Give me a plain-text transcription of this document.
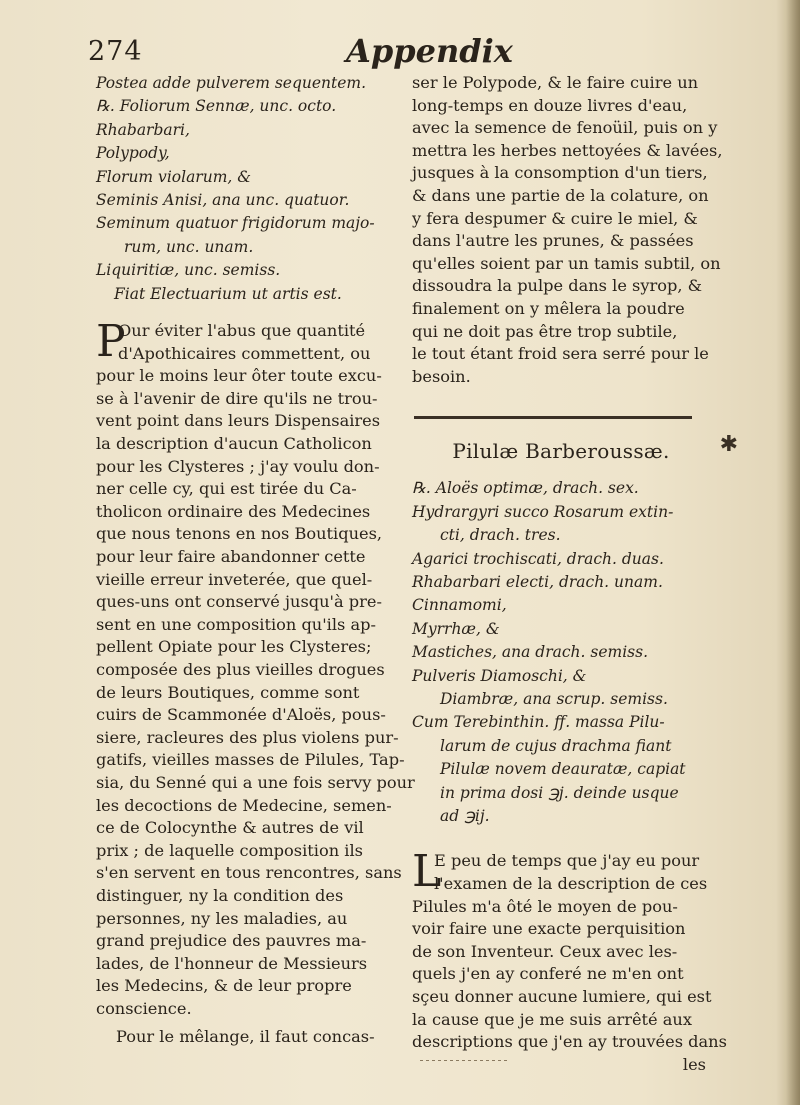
274	Appendix
Postea adde pulverem sequentem.
℞. Foliorum Sennæ, unc. octo.
Rhabarbari,
Polypody,
Florum violarum, &
Seminis Anisi, ana unc. quatuor.
Seminum quatuor frigidorum majo-
rum, unc. unam.
Liquiritiæ, unc. semiss.
Fiat Electuarium ut artis est.
P
Our éviter l'abus que quantité
d'Apothicaires commettent, ou
pour le moins leur ôter toute excu-
se à l'avenir de dire qu'ils ne trou-
vent point dans leurs Dispensaires
la description d'aucun Catholicon
pour les Clysteres ; j'ay voulu don-
ner celle cy, qui est tirée du Ca-
tholicon ordinaire des Medecines
que nous tenons en nos Boutiques,
pour leur faire abandonner cette
vieille erreur inveterée, que quel-
ques-uns ont conservé jusqu'à pre-
sent en une composition qu'ils ap-
pellent Opiate pour les Clysteres;
composée des plus vieilles drogues
de leurs Boutiques, comme sont
cuirs de Scammonée d'Aloës, pous-
siere, racleures des plus violens pur-
gatifs, vieilles masses de Pilules, Tap-
sia, du Senné qui a une fois servy pour
les decoctions de Medecine, semen-
ce de Colocynthe & autres de vil
prix ; de laquelle composition ils
s'en servent en tous rencontres, sans
distinguer, ny la condition des
personnes, ny les maladies, au
grand prejudice des pauvres ma-
lades, de l'honneur de Messieurs
les Medecins, & de leur propre
conscience.
Pour le mêlange, il faut concas-
ser le Polypode, & le faire cuire un
long-temps en douze livres d'eau,
avec la semence de fenoüil, puis on y
mettra les herbes nettoyées & lavées,
jusques à la consomption d'un tiers,
& dans une partie de la colature, on
y fera despumer & cuire le miel, &
dans l'autre les prunes, & passées
qu'elles soient par un tamis subtil, on
dissoudra la pulpe dans le syrop, &
finalement on y mêlera la poudre
qui ne doit pas être trop subtile,
le tout étant froid sera serré pour le
besoin.
Pilulæ Barberoussæ.
℞. Aloës optimæ, drach. sex.
Hydrargyri succo Rosarum extin-
cti, drach. tres.
Agarici trochiscati, drach. duas.
Rhabarbari electi, drach. unam.
Cinnamomi,
Myrrhæ, &
Mastiches, ana drach. semiss.
Pulveris Diamoschi, &
Diambræ, ana scrup. semiss.
Cum Terebinthin. ff. massa Pilu-
larum de cujus drachma fiant
Pilulæ novem deauratæ, capiat
in prima dosi ℈j. deinde usque
ad ℈ij.
L
E peu de temps que j'ay eu pour
l'examen de la description de ces
Pilules m'a ôté le moyen de pou-
voir faire une exacte perquisition
de son Inventeur. Ceux avec les-
quels j'en ay conferé ne m'en ont
sçeu donner aucune lumiere, qui est
la cause que je me suis arrêté aux
descriptions que j'en ay trouvées dans
les
✱
